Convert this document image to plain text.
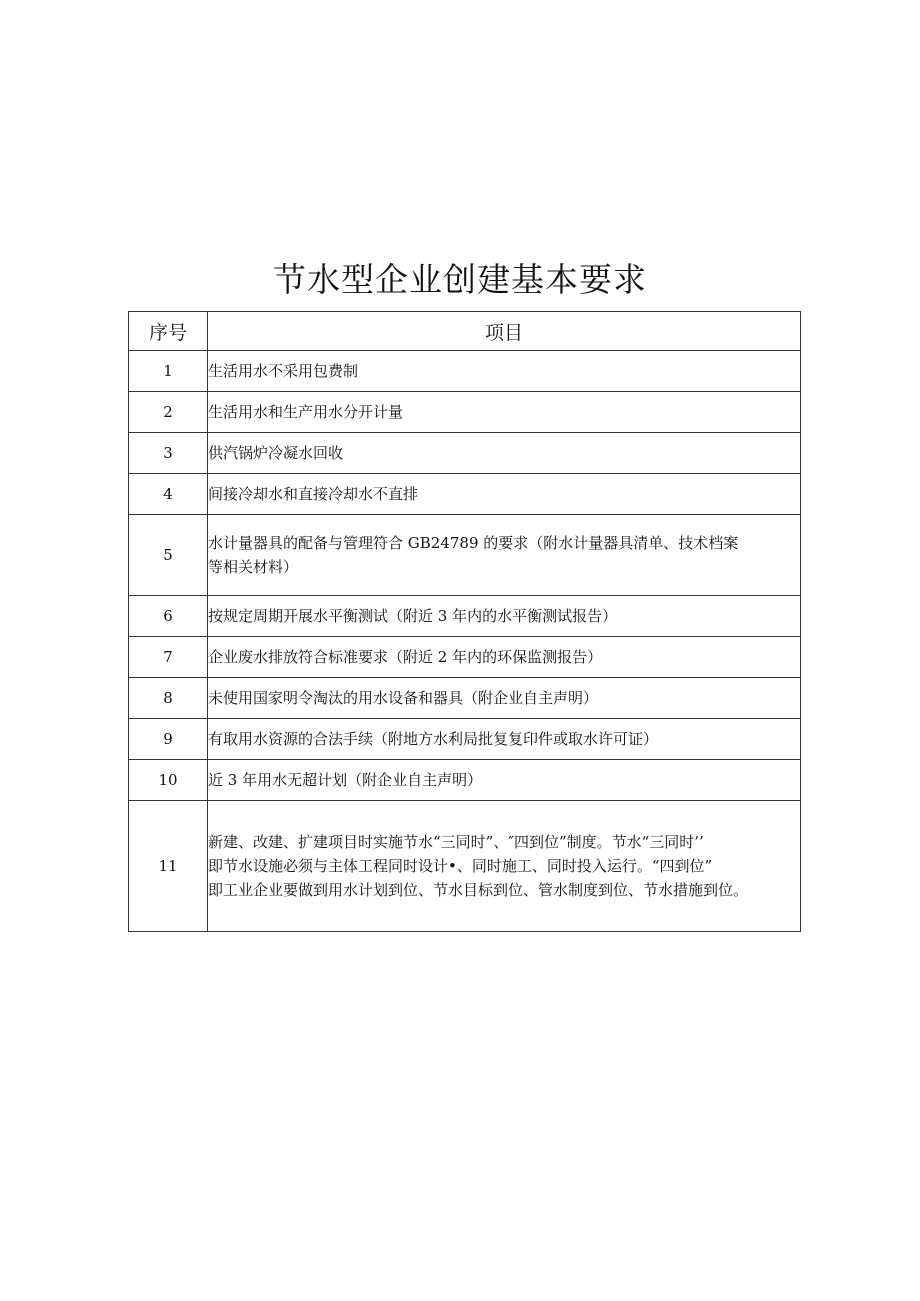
节水型企业创建基本要求
序号	项目
1	生活用水不采用包费制

2	生活用水和生产用水分开计量

3	供汽锅炉冷凝水回收

4	间接冷却水和直接冷却水不直排

5	水计量器具的配备与管理符合 GB24789 的要求（附水计量器具清单、技术档案
等相关材料）

6	按规定周期开展水平衡测试（附近 3 年内的水平衡测试报告）

7	企业废水排放符合标准要求（附近 2 年内的环保监测报告）

8	未使用国家明令淘汰的用水设备和器具（附企业自主声明）

9	有取用水资源的合法手续（附地方水利局批复复印件或取水许可证）

10	近 3 年用水无超计划（附企业自主声明）

11	新建、改建、扩建项目时实施节水“三同时”、″四到位”制度。节水“三同时’’
即节水设施必须与主体工程同时设计•、同时施工、同时投入运行。“四到位”
即工业企业要做到用水计划到位、节水目标到位、管水制度到位、节水措施到位。
